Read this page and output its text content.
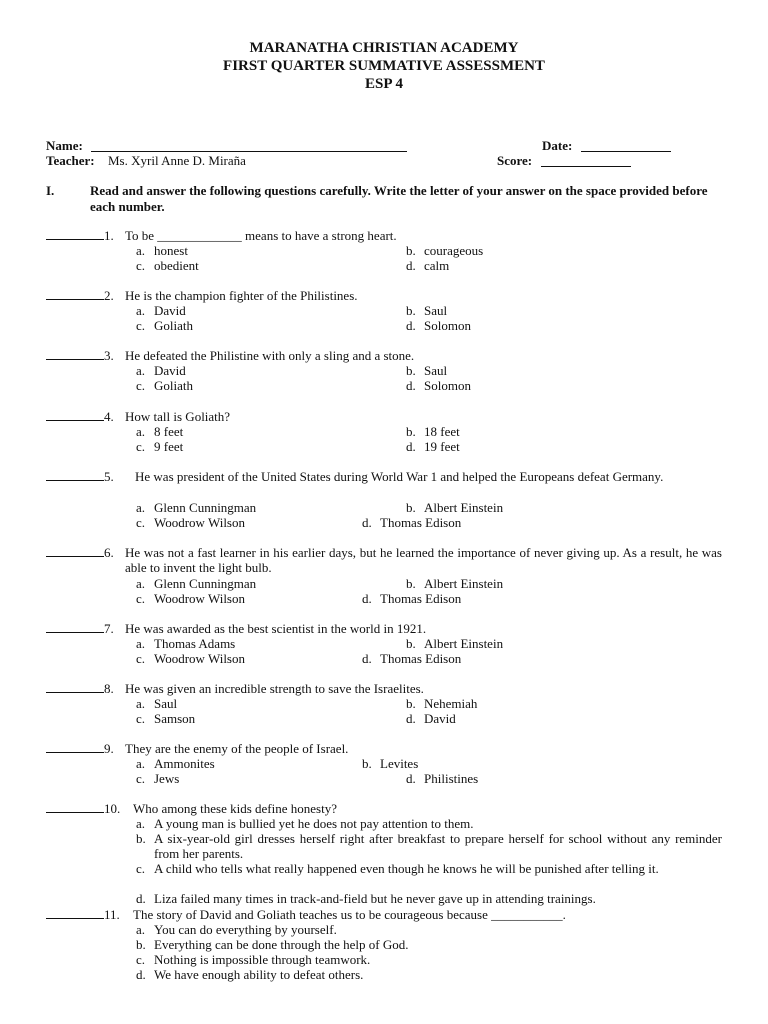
MARANATHA CHRISTIAN ACADEMY
FIRST QUARTER SUMMATIVE ASSESSMENT
ESP 4
Name:	Date:
Teacher: Ms. Xyril Anne D. Mirañа	Score:
I.	Read and answer the following questions carefully. Write the letter of your answer on the space provided before each number.
1. To be _____________ means to have a strong heart.
a. honest	b. courageous
c. obedient	d. calm
2. He is the champion fighter of the Philistines.
a. David	b. Saul
c. Goliath	d. Solomon
3. He defeated the Philistine with only a sling and a stone.
a. David	b. Saul
c. Goliath	d. Solomon
4. How tall is Goliath?
a. 8 feet	b. 18 feet
c. 9 feet	d. 19 feet
5. He was president of the United States during World War 1 and helped the Europeans defeat Germany.
a. Glenn Cunningman	b. Albert Einstein
c. Woodrow Wilson	d. Thomas Edison
6. He was not a fast learner in his earlier days, but he learned the importance of never giving up. As a result, he was able to invent the light bulb.
a. Glenn Cunningman	b. Albert Einstein
c. Woodrow Wilson	d. Thomas Edison
7. He was awarded as the best scientist in the world in 1921.
a. Thomas Adams	b. Albert Einstein
c. Woodrow Wilson	d. Thomas Edison
8. He was given an incredible strength to save the Israelites.
a. Saul	b. Nehemiah
c. Samson	d. David
9. They are the enemy of the people of Israel.
a. Ammonites	b. Levites
c. Jews	d. Philistines
10. Who among these kids define honesty?
a. A young man is bullied yet he does not pay attention to them.
b. A six-year-old girl dresses herself right after breakfast to prepare herself for school without any reminder from her parents.
c. A child who tells what really happened even though he knows he will be punished after telling it.
d. Liza failed many times in track-and-field but he never gave up in attending trainings.
11. The story of David and Goliath teaches us to be courageous because ___________.
a. You can do everything by yourself.
b. Everything can be done through the help of God.
c. Nothing is impossible through teamwork.
d. We have enough ability to defeat others.
